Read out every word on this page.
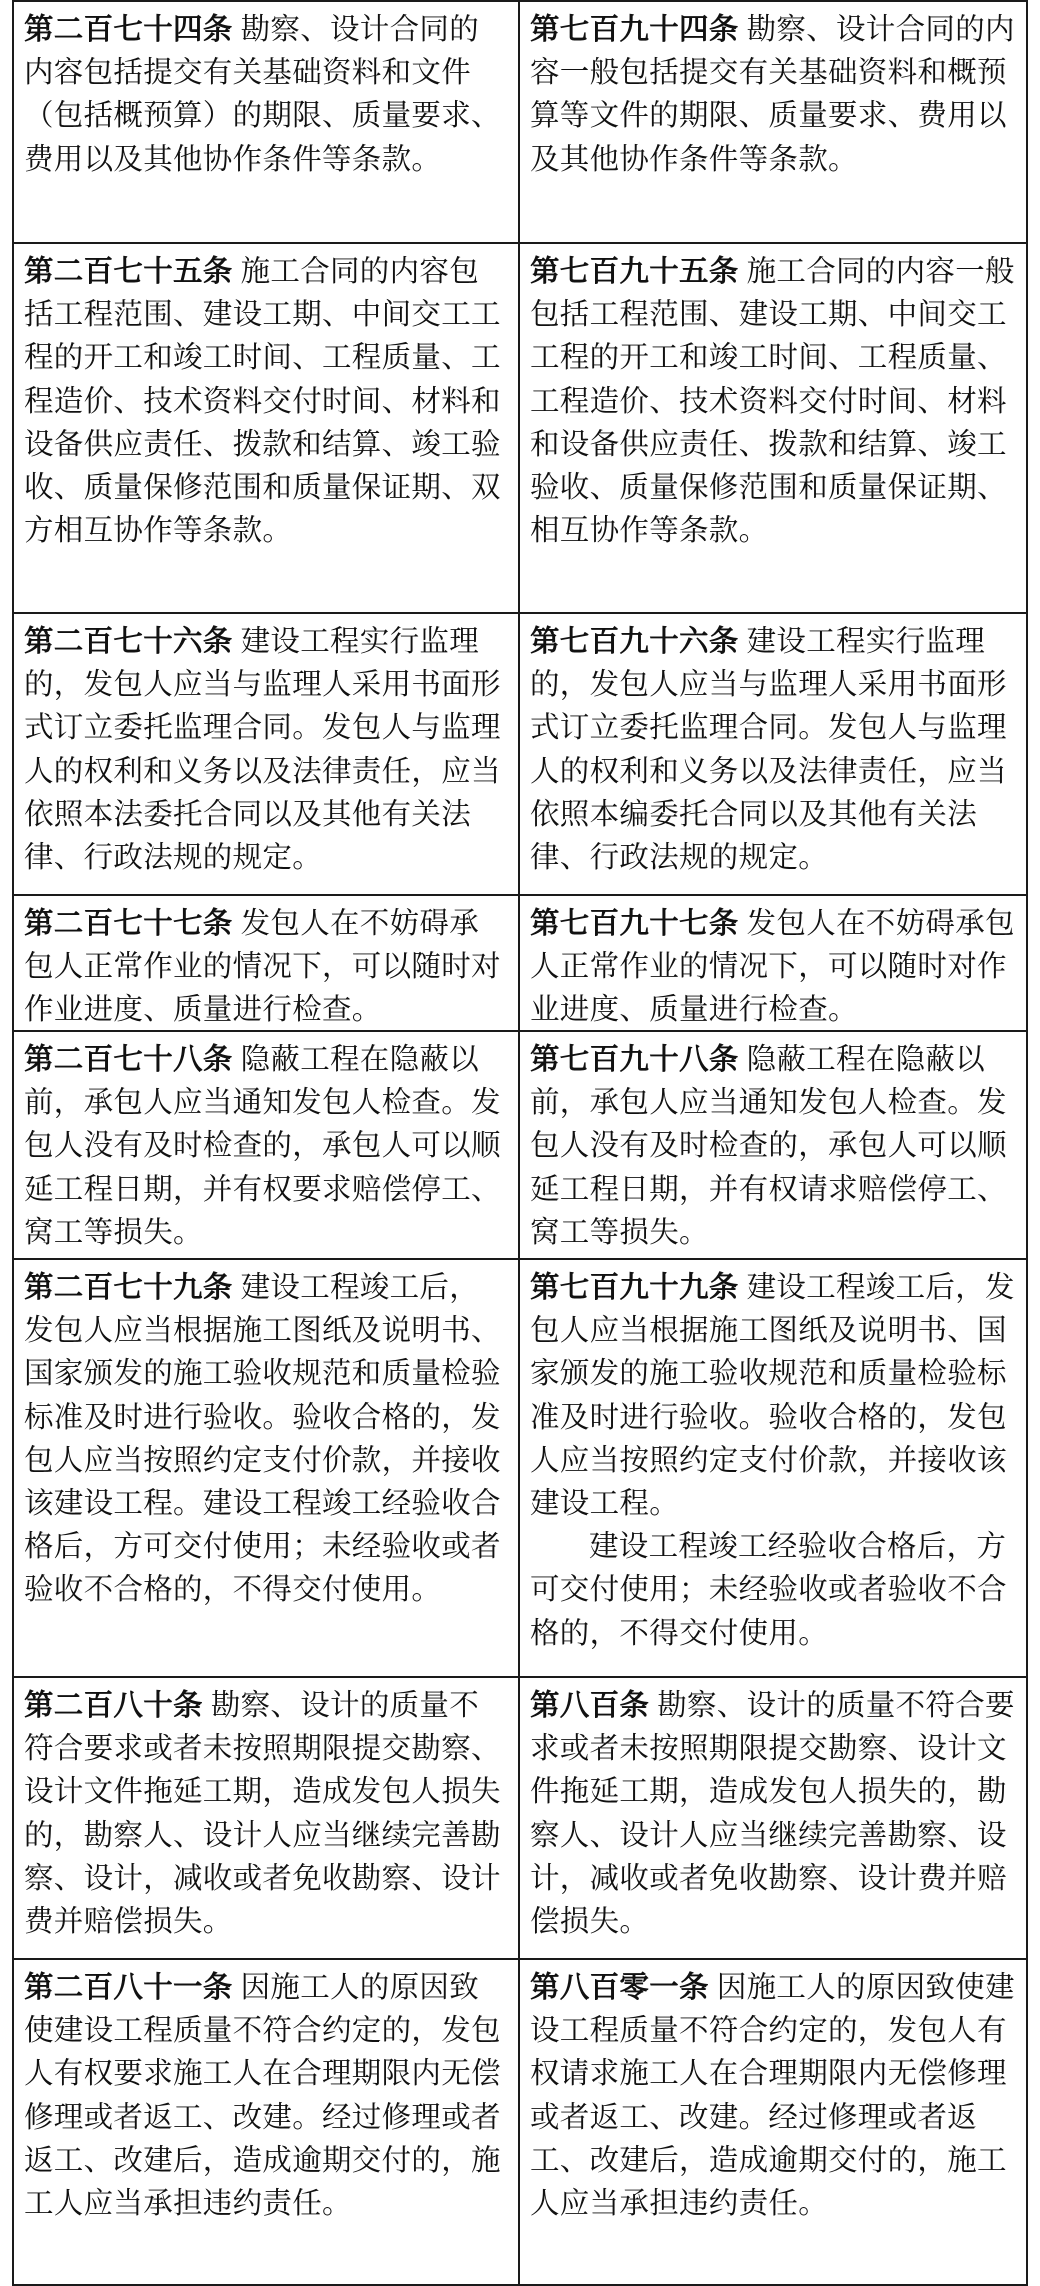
第二百七十四条 勘察、设计合同的内容包括提交有关基础资料和文件（包括概预算）的期限、质量要求、费用以及其他协作条件等条款。
第七百九十四条 勘察、设计合同的内容一般包括提交有关基础资料和概预算等文件的期限、质量要求、费用以及其他协作条件等条款。
第二百七十五条 施工合同的内容包括工程范围、建设工期、中间交工工程的开工和竣工时间、工程质量、工程造价、技术资料交付时间、材料和设备供应责任、拨款和结算、竣工验收、质量保修范围和质量保证期、双方相互协作等条款。
第七百九十五条 施工合同的内容一般包括工程范围、建设工期、中间交工工程的开工和竣工时间、工程质量、工程造价、技术资料交付时间、材料和设备供应责任、拨款和结算、竣工验收、质量保修范围和质量保证期、相互协作等条款。
第二百七十六条 建设工程实行监理的，发包人应当与监理人采用书面形式订立委托监理合同。发包人与监理人的权利和义务以及法律责任，应当依照本法委托合同以及其他有关法律、行政法规的规定。
第七百九十六条 建设工程实行监理的，发包人应当与监理人采用书面形式订立委托监理合同。发包人与监理人的权利和义务以及法律责任，应当依照本编委托合同以及其他有关法律、行政法规的规定。
第二百七十七条 发包人在不妨碍承包人正常作业的情况下，可以随时对作业进度、质量进行检查。
第七百九十七条 发包人在不妨碍承包人正常作业的情况下，可以随时对作业进度、质量进行检查。
第二百七十八条 隐蔽工程在隐蔽以前，承包人应当通知发包人检查。发包人没有及时检查的，承包人可以顺延工程日期，并有权要求赔偿停工、窝工等损失。
第七百九十八条 隐蔽工程在隐蔽以前，承包人应当通知发包人检查。发包人没有及时检查的，承包人可以顺延工程日期，并有权请求赔偿停工、窝工等损失。
第二百七十九条 建设工程竣工后，发包人应当根据施工图纸及说明书、国家颁发的施工验收规范和质量检验标准及时进行验收。验收合格的，发包人应当按照约定支付价款，并接收该建设工程。建设工程竣工经验收合格后，方可交付使用；未经验收或者验收不合格的，不得交付使用。
第七百九十九条 建设工程竣工后，发包人应当根据施工图纸及说明书、国家颁发的施工验收规范和质量检验标准及时进行验收。验收合格的，发包人应当按照约定支付价款，并接收该建设工程。
建设工程竣工经验收合格后，方可交付使用；未经验收或者验收不合格的，不得交付使用。
第二百八十条 勘察、设计的质量不符合要求或者未按照期限提交勘察、设计文件拖延工期，造成发包人损失的，勘察人、设计人应当继续完善勘察、设计，减收或者免收勘察、设计费并赔偿损失。
第八百条 勘察、设计的质量不符合要求或者未按照期限提交勘察、设计文件拖延工期，造成发包人损失的，勘察人、设计人应当继续完善勘察、设计，减收或者免收勘察、设计费并赔偿损失。
第二百八十一条 因施工人的原因致使建设工程质量不符合约定的，发包人有权要求施工人在合理期限内无偿修理或者返工、改建。经过修理或者返工、改建后，造成逾期交付的，施工人应当承担违约责任。
第八百零一条 因施工人的原因致使建设工程质量不符合约定的，发包人有权请求施工人在合理期限内无偿修理或者返工、改建。经过修理或者返工、改建后，造成逾期交付的，施工人应当承担违约责任。
